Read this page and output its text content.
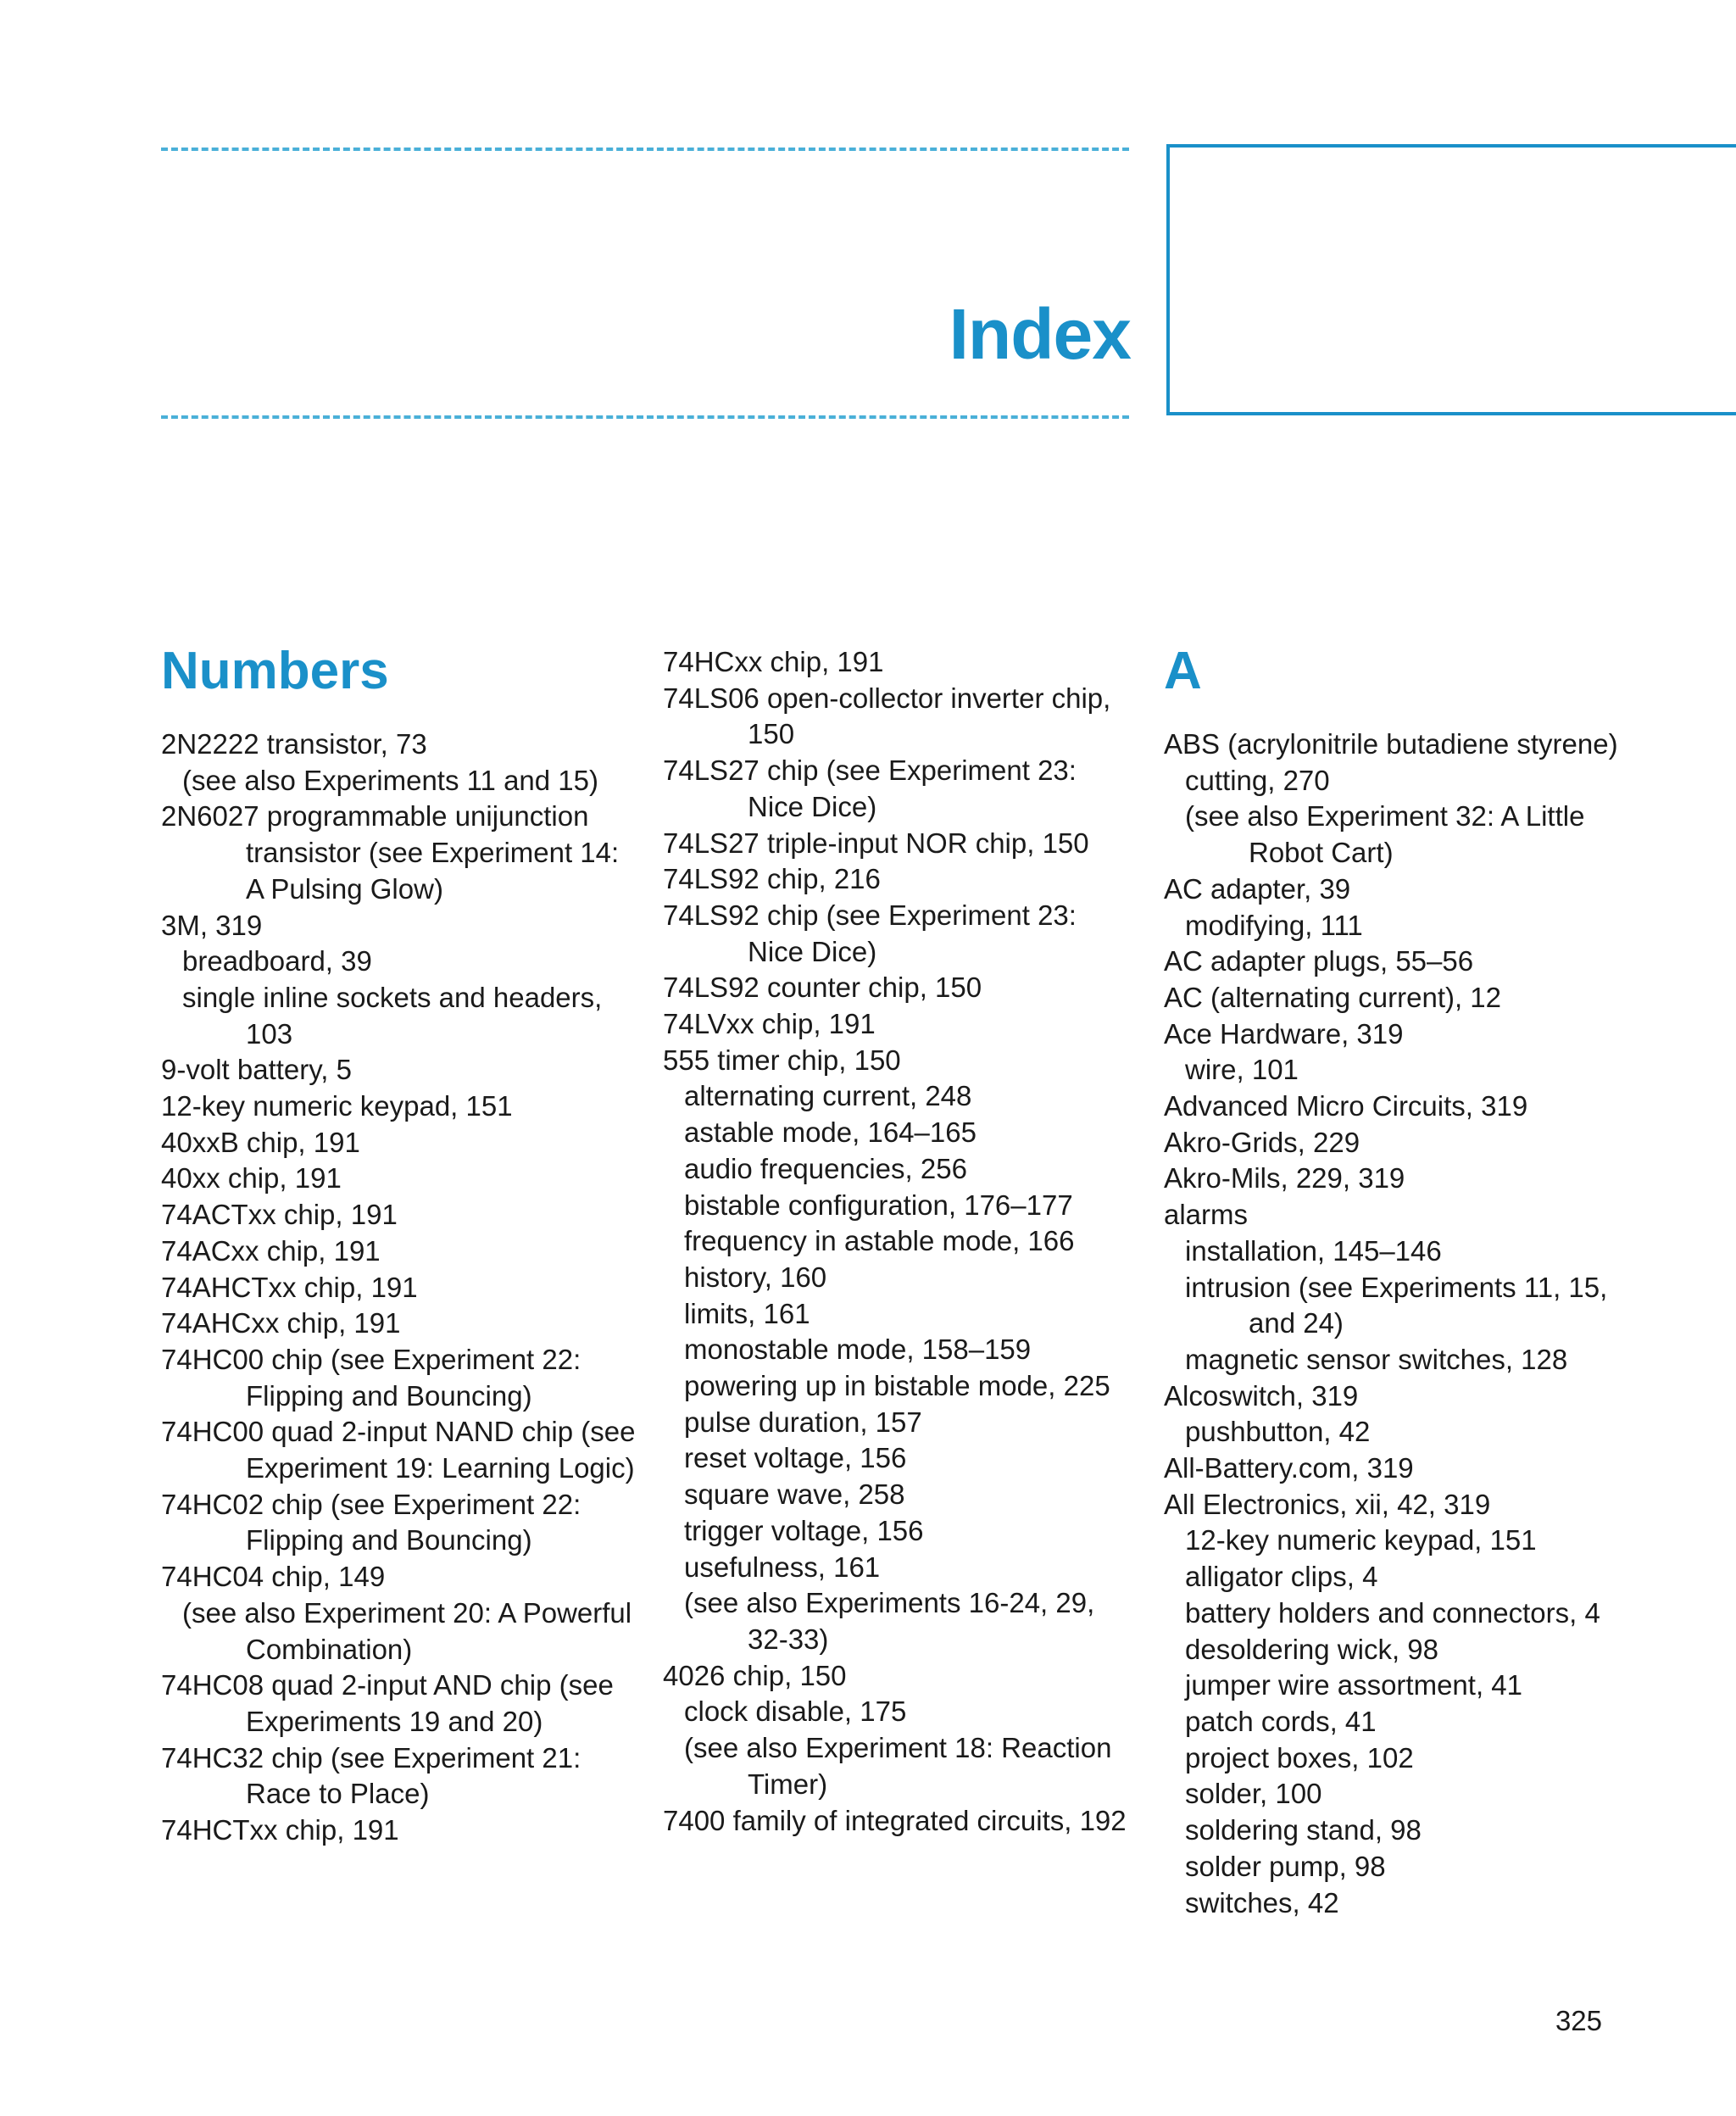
Index
Numbers
2N2222 transistor, 73
(see also Experiments 11 and 15)
2N6027 programmable unijunction transistor (see Experiment 14: A Pulsing Glow)
3M, 319
breadboard, 39
single inline sockets and headers, 103
9-volt battery, 5
12-key numeric keypad, 151
40xxB chip, 191
40xx chip, 191
74ACTxx chip, 191
74ACxx chip, 191
74AHCTxx chip, 191
74AHCxx chip, 191
74HC00 chip (see Experiment 22: Flipping and Bouncing)
74HC00 quad 2-input NAND chip (see Experiment 19: Learning Logic)
74HC02 chip (see Experiment 22: Flipping and Bouncing)
74HC04 chip, 149
(see also Experiment 20: A Powerful Combination)
74HC08 quad 2-input AND chip (see Experiments 19 and 20)
74HC32 chip (see Experiment 21: Race to Place)
74HCTxx chip, 191
74HCxx chip, 191
74LS06 open-collector inverter chip, 150
74LS27 chip (see Experiment 23: Nice Dice)
74LS27 triple-input NOR chip, 150
74LS92 chip, 216
74LS92 chip (see Experiment 23: Nice Dice)
74LS92 counter chip, 150
74LVxx chip, 191
555 timer chip, 150
alternating current, 248
astable mode, 164–165
audio frequencies, 256
bistable configuration, 176–177
frequency in astable mode, 166
history, 160
limits, 161
monostable mode, 158–159
powering up in bistable mode, 225
pulse duration, 157
reset voltage, 156
square wave, 258
trigger voltage, 156
usefulness, 161
(see also Experiments 16-24, 29, 32-33)
4026 chip, 150
clock disable, 175
(see also Experiment 18: Reaction Timer)
7400 family of integrated circuits, 192
A
ABS (acrylonitrile butadiene styrene)
cutting, 270
(see also Experiment 32: A Little Robot Cart)
AC adapter, 39
modifying, 111
AC adapter plugs, 55–56
AC (alternating current), 12
Ace Hardware, 319
wire, 101
Advanced Micro Circuits, 319
Akro-Grids, 229
Akro-Mils, 229, 319
alarms
installation, 145–146
intrusion (see Experiments 11, 15, and 24)
magnetic sensor switches, 128
Alcoswitch, 319
pushbutton, 42
All-Battery.com, 319
All Electronics, xii, 42, 319
12-key numeric keypad, 151
alligator clips, 4
battery holders and connectors, 4
desoldering wick, 98
jumper wire assortment, 41
patch cords, 41
project boxes, 102
solder, 100
soldering stand, 98
solder pump, 98
switches, 42
325
